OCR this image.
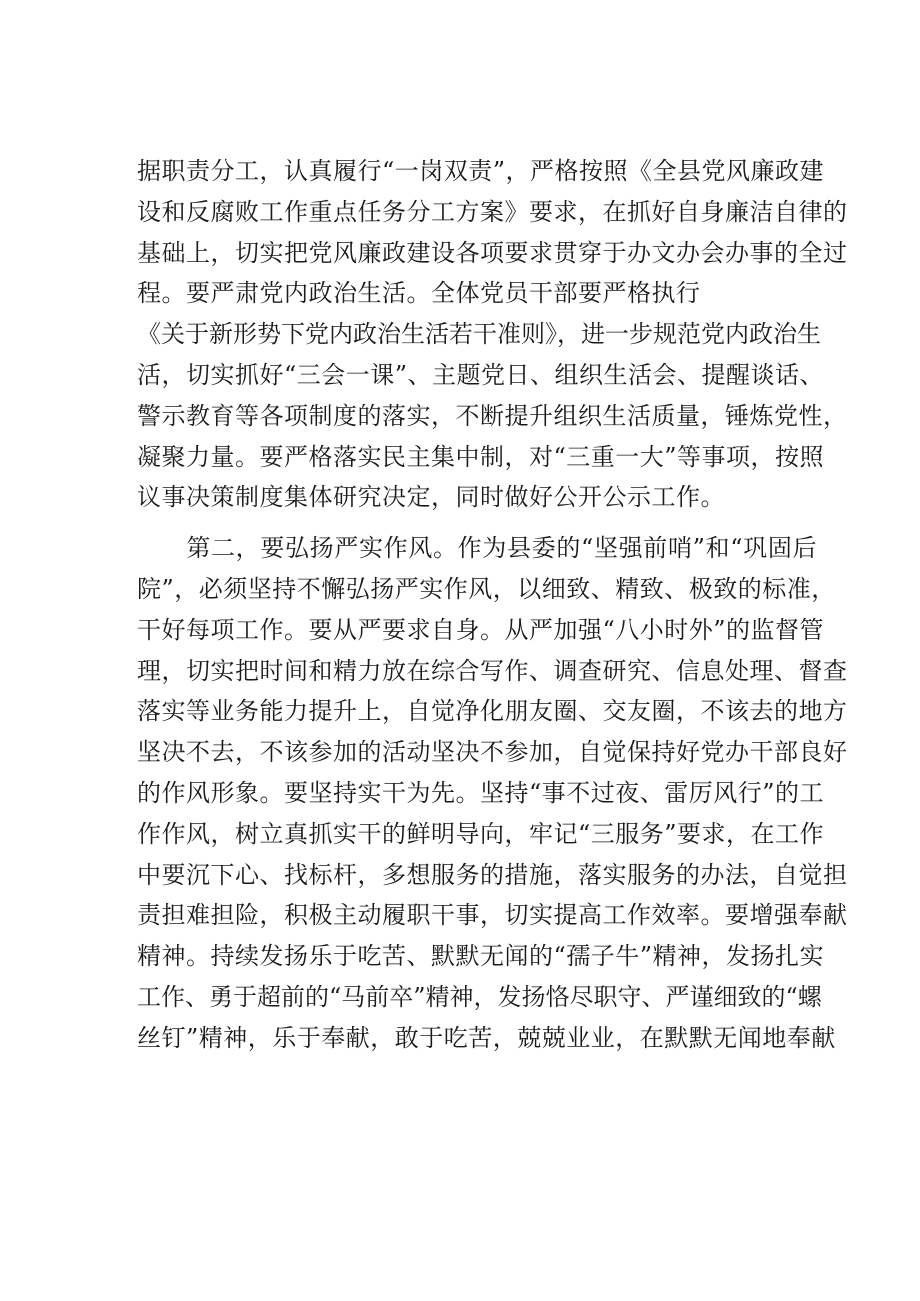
据职责分工，认真履行“一岗双责”，严格按照《全县党风廉政建
设和反腐败工作重点任务分工方案》要求，在抓好自身廉洁自律的
基础上，切实把党风廉政建设各项要求贯穿于办文办会办事的全过
程。要严肃党内政治生活。全体党员干部要严格执行
《关于新形势下党内政治生活若干准则》，进一步规范党内政治生
活，切实抓好“三会一课”、主题党日、组织生活会、提醒谈话、
警示教育等各项制度的落实，不断提升组织生活质量，锤炼党性，
凝聚力量。要严格落实民主集中制，对“三重一大”等事项，按照
议事决策制度集体研究决定，同时做好公开公示工作。
　　第二，要弘扬严实作风。作为县委的“坚强前哨”和“巩固后
院”，必须坚持不懈弘扬严实作风，以细致、精致、极致的标准，
干好每项工作。要从严要求自身。从严加强“八小时外”的监督管
理，切实把时间和精力放在综合写作、调查研究、信息处理、督查
落实等业务能力提升上，自觉净化朋友圈、交友圈，不该去的地方
坚决不去，不该参加的活动坚决不参加，自觉保持好党办干部良好
的作风形象。要坚持实干为先。坚持“事不过夜、雷厉风行”的工
作作风，树立真抓实干的鲜明导向，牢记“三服务”要求，在工作
中要沉下心、找标杆，多想服务的措施，落实服务的办法，自觉担
责担难担险，积极主动履职干事，切实提高工作效率。要增强奉献
精神。持续发扬乐于吃苦、默默无闻的“孺子牛”精神，发扬扎实
工作、勇于超前的“马前卒”精神，发扬恪尽职守、严谨细致的“螺
丝钉”精神，乐于奉献，敢于吃苦，兢兢业业，在默默无闻地奉献
